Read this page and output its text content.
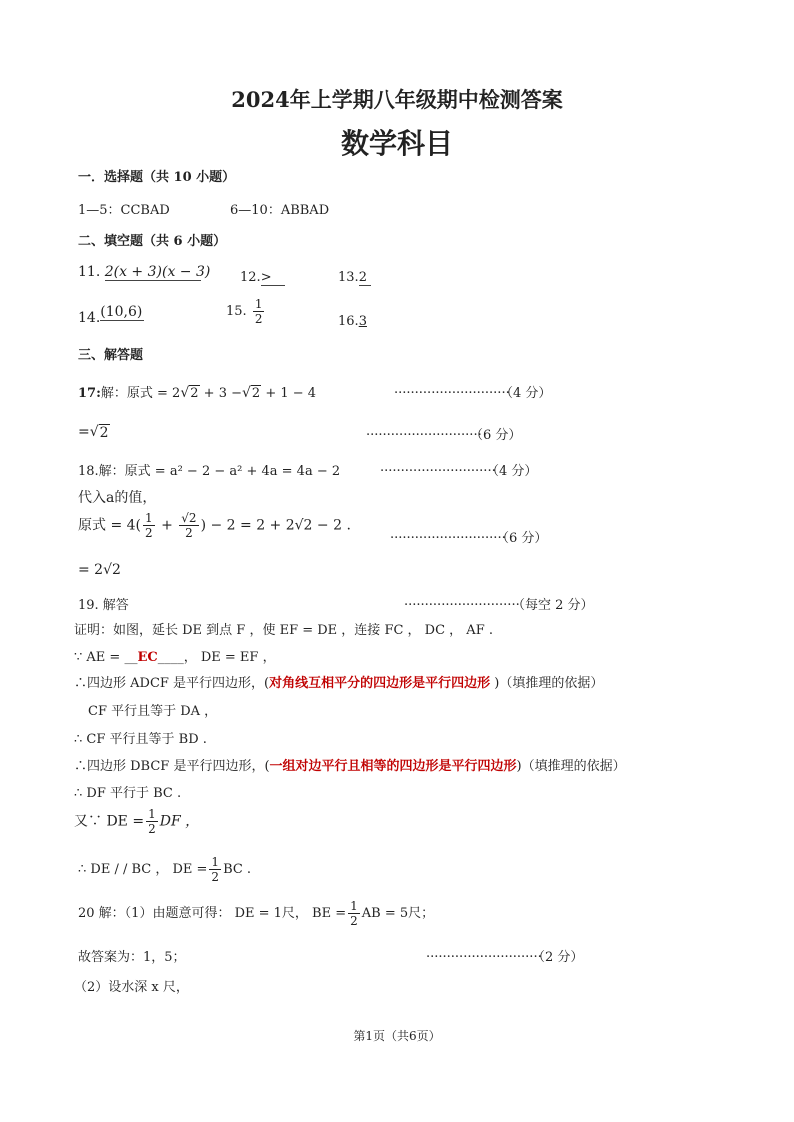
2024年上学期八年级期中检测答案
数学科目
一．选择题（共 10 小题）
1—5：CCBAD	6—10：ABBAD
二、填空题（共 6 小题）
11. 2(x + 3)(x − 3) 12.>	13.2
14.(10,6)	15. $\frac{1}{2}$	16.3
三、解答题
17:解：原式 = 2 √ 2 + 3 − √ 2 + 1 − 4	............................
（4 分）
= √ 2	............................
（6 分）
18.解：原式 = a² − 2 − a² + 4a = 4a − 2	............................
（4 分）
代入a的值，
原式 = $4( \frac{1}{2} + \frac{√2}{2}$ ) − 2 = 2 + 2√2 − 2 .
............................
（6 分）
= 2√2
19. 解答	............................
（每空 2 分）
证明：如图，延长 DE 到点 F ，使 EF = DE ，连接 FC ， DC ， AF .
∵ AE = __EC____， DE = EF ，
∴四边形 ADCF 是平行四边形，(对角线互相平分的四边形是平行四边形 )（填推理的依据）
CF 平行且等于 DA ，
∴ CF 平行且等于 BD .
∴四边形 DBCF 是平行四边形，(一组对边平行且相等的四边形是平行四边形)（填推理的依据）
∴ DF 平行于 BC .
又∵ DE = $\frac{1}{2}$ DF ，
∴ DE / / BC ， DE = $\frac{1}{2}$ BC .
20 解：（1）由题意可得： DE = 1尺， BE = $\frac{1}{2}$ AB = 5尺；
故答案为：1，5；	............................
（2 分）
（2）设水深 x 尺，
第1页（共6页）
